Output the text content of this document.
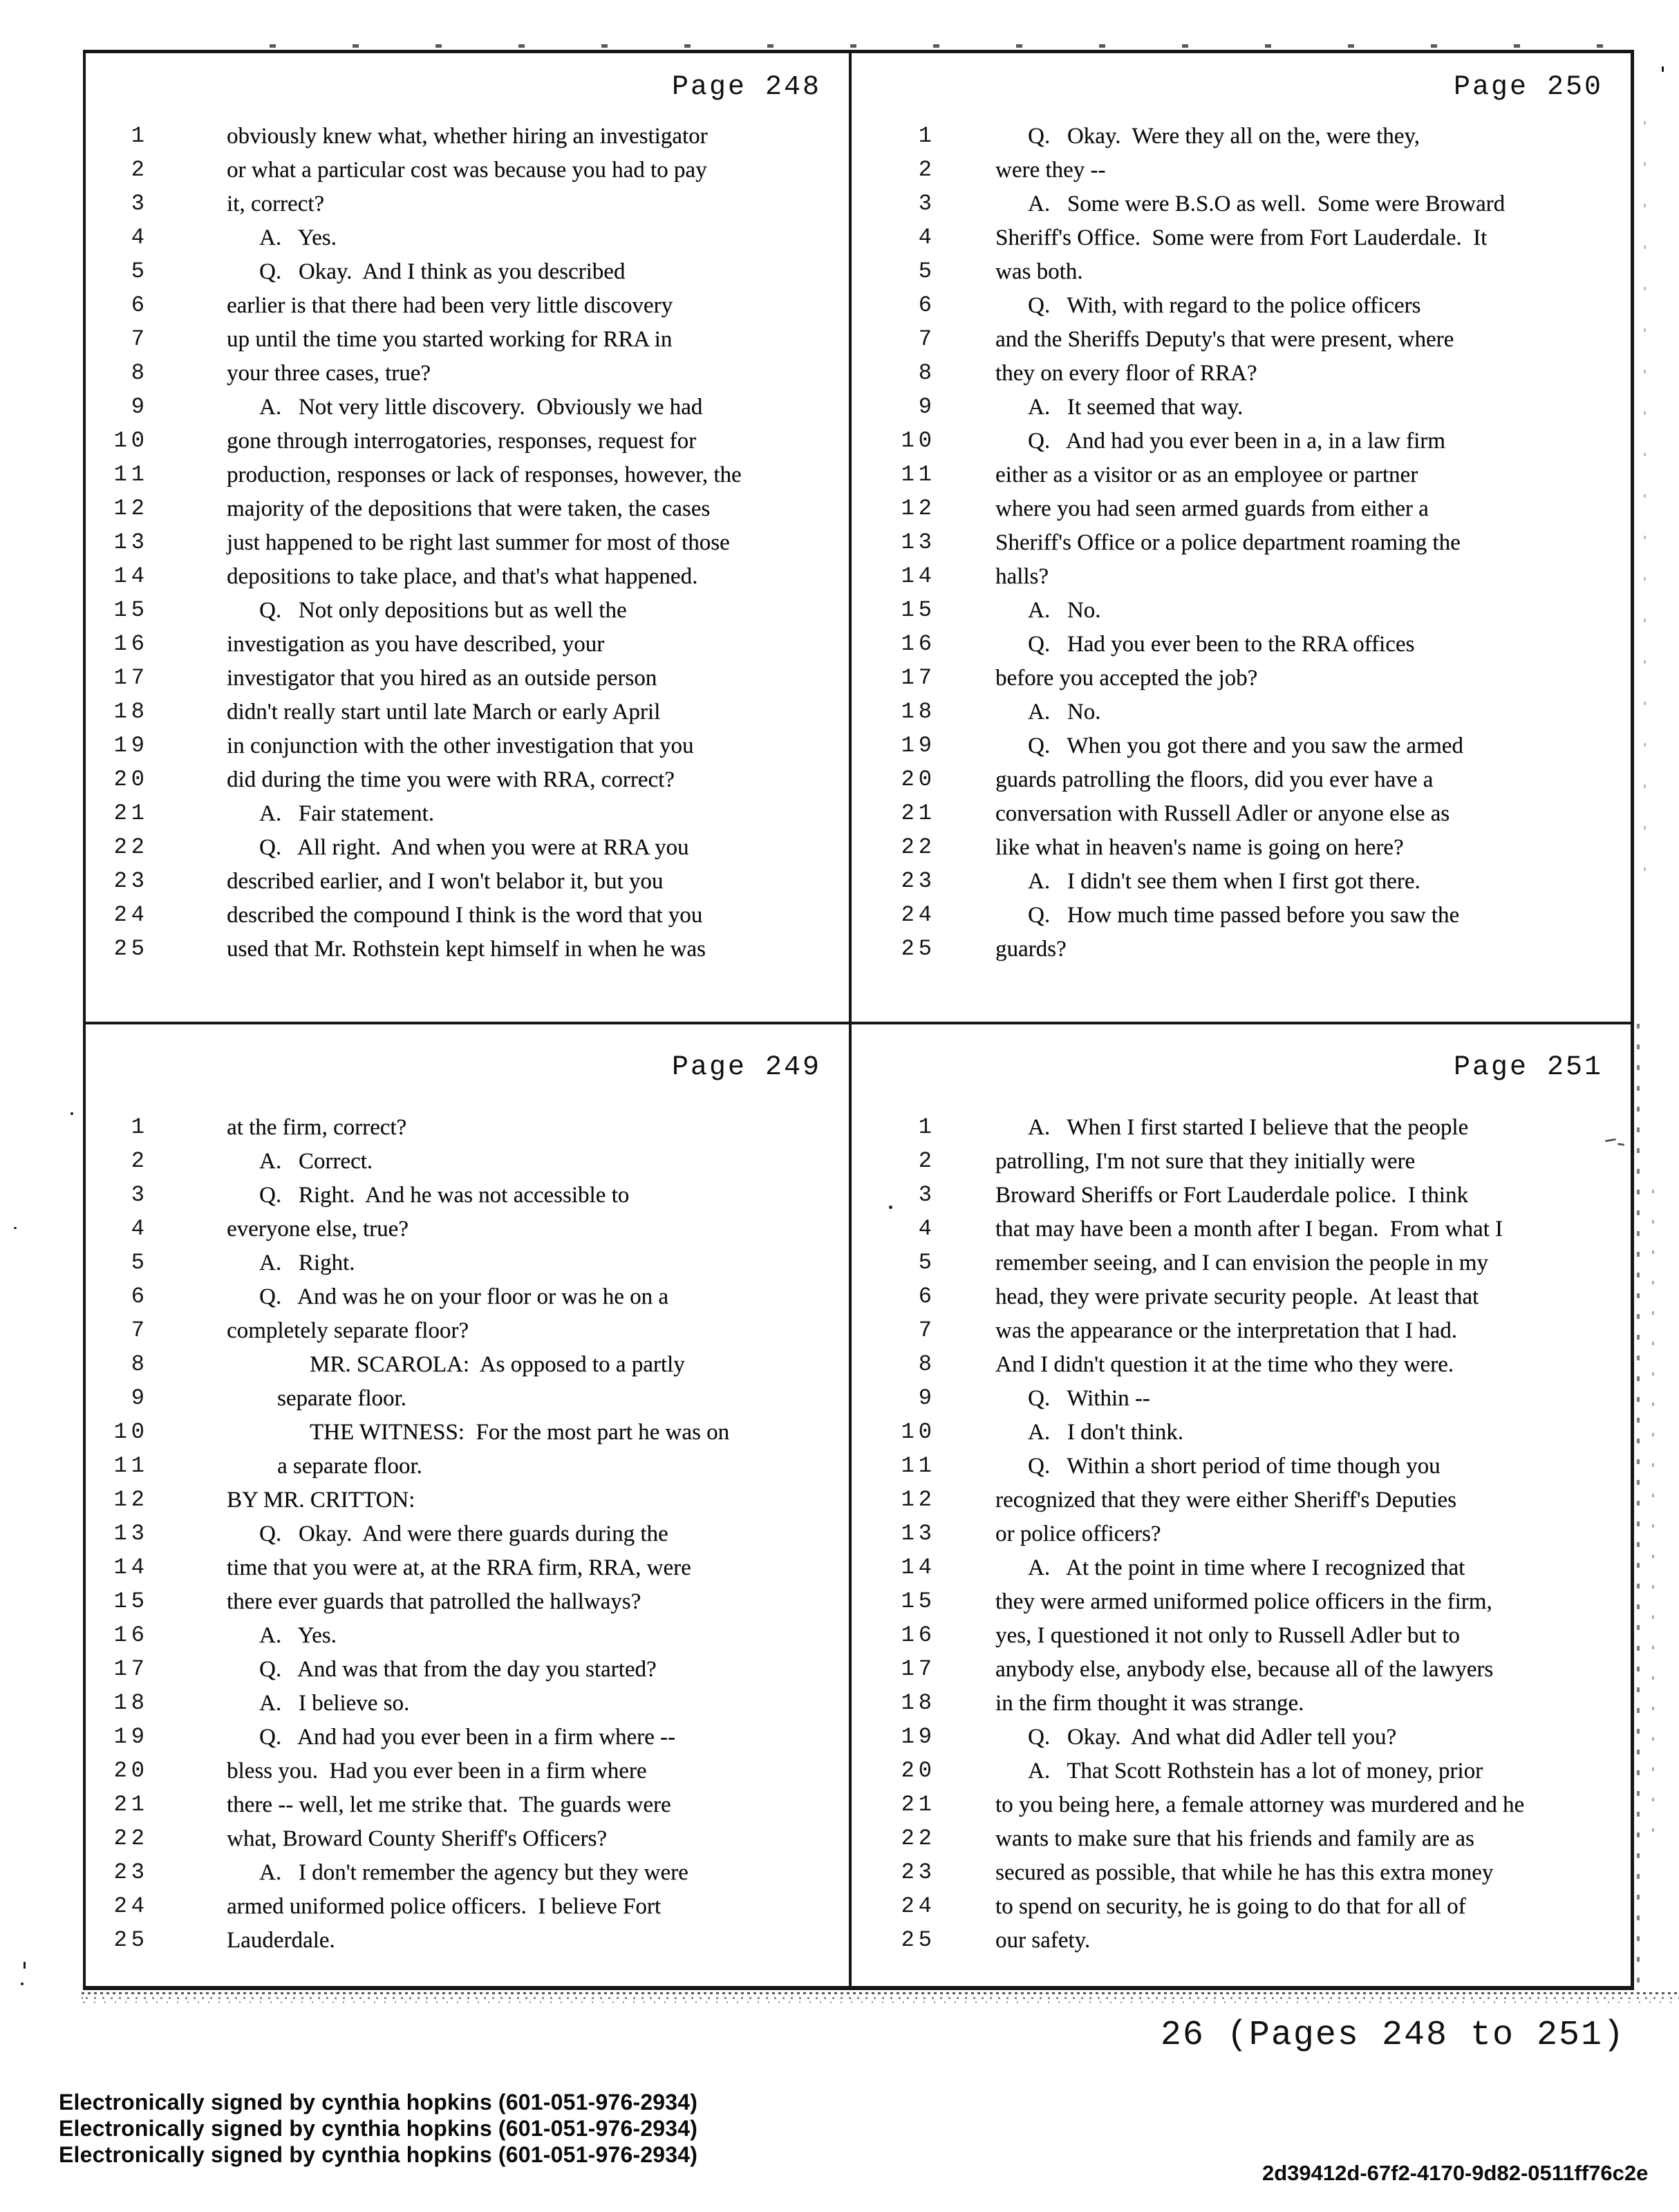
Page 248
1	obviously knew what, whether hiring an investigator
2	or what a particular cost was because you had to pay
3	it, correct?
4	A.   Yes.
5	Q.   Okay.  And I think as you described
6	earlier is that there had been very little discovery
7	up until the time you started working for RRA in
8	your three cases, true?
9	A.   Not very little discovery.  Obviously we had
10	gone through interrogatories, responses, request for
11	production, responses or lack of responses, however, the
12	majority of the depositions that were taken, the cases
13	just happened to be right last summer for most of those
14	depositions to take place, and that's what happened.
15	Q.   Not only depositions but as well the
16	investigation as you have described, your
17	investigator that you hired as an outside person
18	didn't really start until late March or early April
19	in conjunction with the other investigation that you
20	did during the time you were with RRA, correct?
21	A.   Fair statement.
22	Q.   All right.  And when you were at RRA you
23	described earlier, and I won't belabor it, but you
24	described the compound I think is the word that you
25	used that Mr. Rothstein kept himself in when he was
Page 250
1	Q.   Okay.  Were they all on the, were they,
2	were they --
3	A.   Some were B.S.O as well.  Some were Broward
4	Sheriff's Office.  Some were from Fort Lauderdale.  It
5	was both.
6	Q.   With, with regard to the police officers
7	and the Sheriffs Deputy's that were present, where
8	they on every floor of RRA?
9	A.   It seemed that way.
10	Q.   And had you ever been in a, in a law firm
11	either as a visitor or as an employee or partner
12	where you had seen armed guards from either a
13	Sheriff's Office or a police department roaming the
14	halls?
15	A.   No.
16	Q.   Had you ever been to the RRA offices
17	before you accepted the job?
18	A.   No.
19	Q.   When you got there and you saw the armed
20	guards patrolling the floors, did you ever have a
21	conversation with Russell Adler or anyone else as
22	like what in heaven's name is going on here?
23	A.   I didn't see them when I first got there.
24	Q.   How much time passed before you saw the
25	guards?
Page 249
1	at the firm, correct?
2	A.   Correct.
3	Q.   Right.  And he was not accessible to
4	everyone else, true?
5	A.   Right.
6	Q.   And was he on your floor or was he on a
7	completely separate floor?
8	MR. SCAROLA:  As opposed to a partly
9	separate floor.
10	THE WITNESS:  For the most part he was on
11	a separate floor.
12	BY MR. CRITTON:
13	Q.   Okay.  And were there guards during the
14	time that you were at, at the RRA firm, RRA, were
15	there ever guards that patrolled the hallways?
16	A.   Yes.
17	Q.   And was that from the day you started?
18	A.   I believe so.
19	Q.   And had you ever been in a firm where --
20	bless you.  Had you ever been in a firm where
21	there -- well, let me strike that.  The guards were
22	what, Broward County Sheriff's Officers?
23	A.   I don't remember the agency but they were
24	armed uniformed police officers.  I believe Fort
25	Lauderdale.
Page 251
1	A.   When I first started I believe that the people
2	patrolling, I'm not sure that they initially were
3	Broward Sheriffs or Fort Lauderdale police.  I think
4	that may have been a month after I began.  From what I
5	remember seeing, and I can envision the people in my
6	head, they were private security people.  At least that
7	was the appearance or the interpretation that I had.
8	And I didn't question it at the time who they were.
9	Q.   Within --
10	A.   I don't think.
11	Q.   Within a short period of time though you
12	recognized that they were either Sheriff's Deputies
13	or police officers?
14	A.   At the point in time where I recognized that
15	they were armed uniformed police officers in the firm,
16	yes, I questioned it not only to Russell Adler but to
17	anybody else, anybody else, because all of the lawyers
18	in the firm thought it was strange.
19	Q.   Okay.  And what did Adler tell you?
20	A.   That Scott Rothstein has a lot of money, prior
21	to you being here, a female attorney was murdered and he
22	wants to make sure that his friends and family are as
23	secured as possible, that while he has this extra money
24	to spend on security, he is going to do that for all of
25	our safety.
26 (Pages 248 to 251)
Electronically signed by cynthia hopkins (601-051-976-2934)
Electronically signed by cynthia hopkins (601-051-976-2934)
Electronically signed by cynthia hopkins (601-051-976-2934)
2d39412d-67f2-4170-9d82-0511ff76c2e
